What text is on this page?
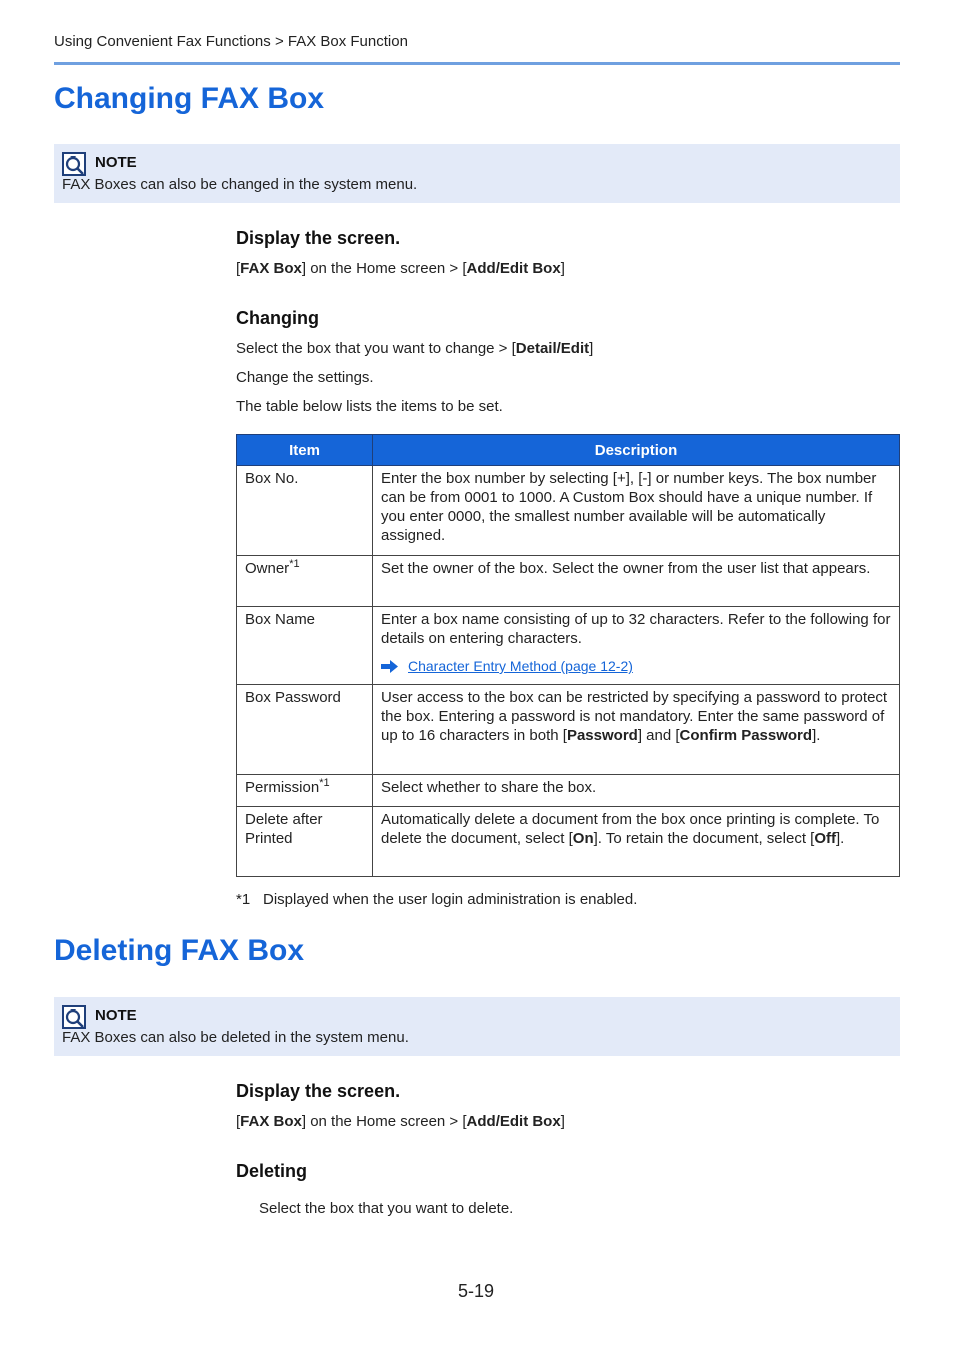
Using Convenient Fax Functions > FAX Box Function
Changing FAX Box
NOTE
FAX Boxes can also be changed in the system menu.
Display the screen.
[FAX Box] on the Home screen > [Add/Edit Box]
Changing
Select the box that you want to change > [Detail/Edit]
Change the settings.
The table below lists the items to be set.
Item	Description
Box No.	Enter the box number by selecting [+], [-] or number keys. The box number can be from 0001 to 1000. A Custom Box should have a unique number. If you enter 0000, the smallest number available will be automatically assigned.
Owner$^{*1}$	Set the owner of the box. Select the owner from the user list that appears.
Box Name	Enter a box name consisting of up to 32 characters. Refer to the following for details on entering characters.
Character Entry Method (page 12-2)

Box Password	User access to the box can be restricted by specifying a password to protect the box. Entering a password is not mandatory. Enter the same password of up to 16 characters in both [Password] and [Confirm Password].
Permission$^{*1}$	Select whether to share the box.
Delete after Printed	Automatically delete a document from the box once printing is complete. To delete the document, select [On]. To retain the document, select [Off].
*1 Displayed when the user login administration is enabled.
Deleting FAX Box
NOTE
FAX Boxes can also be deleted in the system menu.
Display the screen.
[FAX Box] on the Home screen > [Add/Edit Box]
Deleting
Select the box that you want to delete.
5-19
